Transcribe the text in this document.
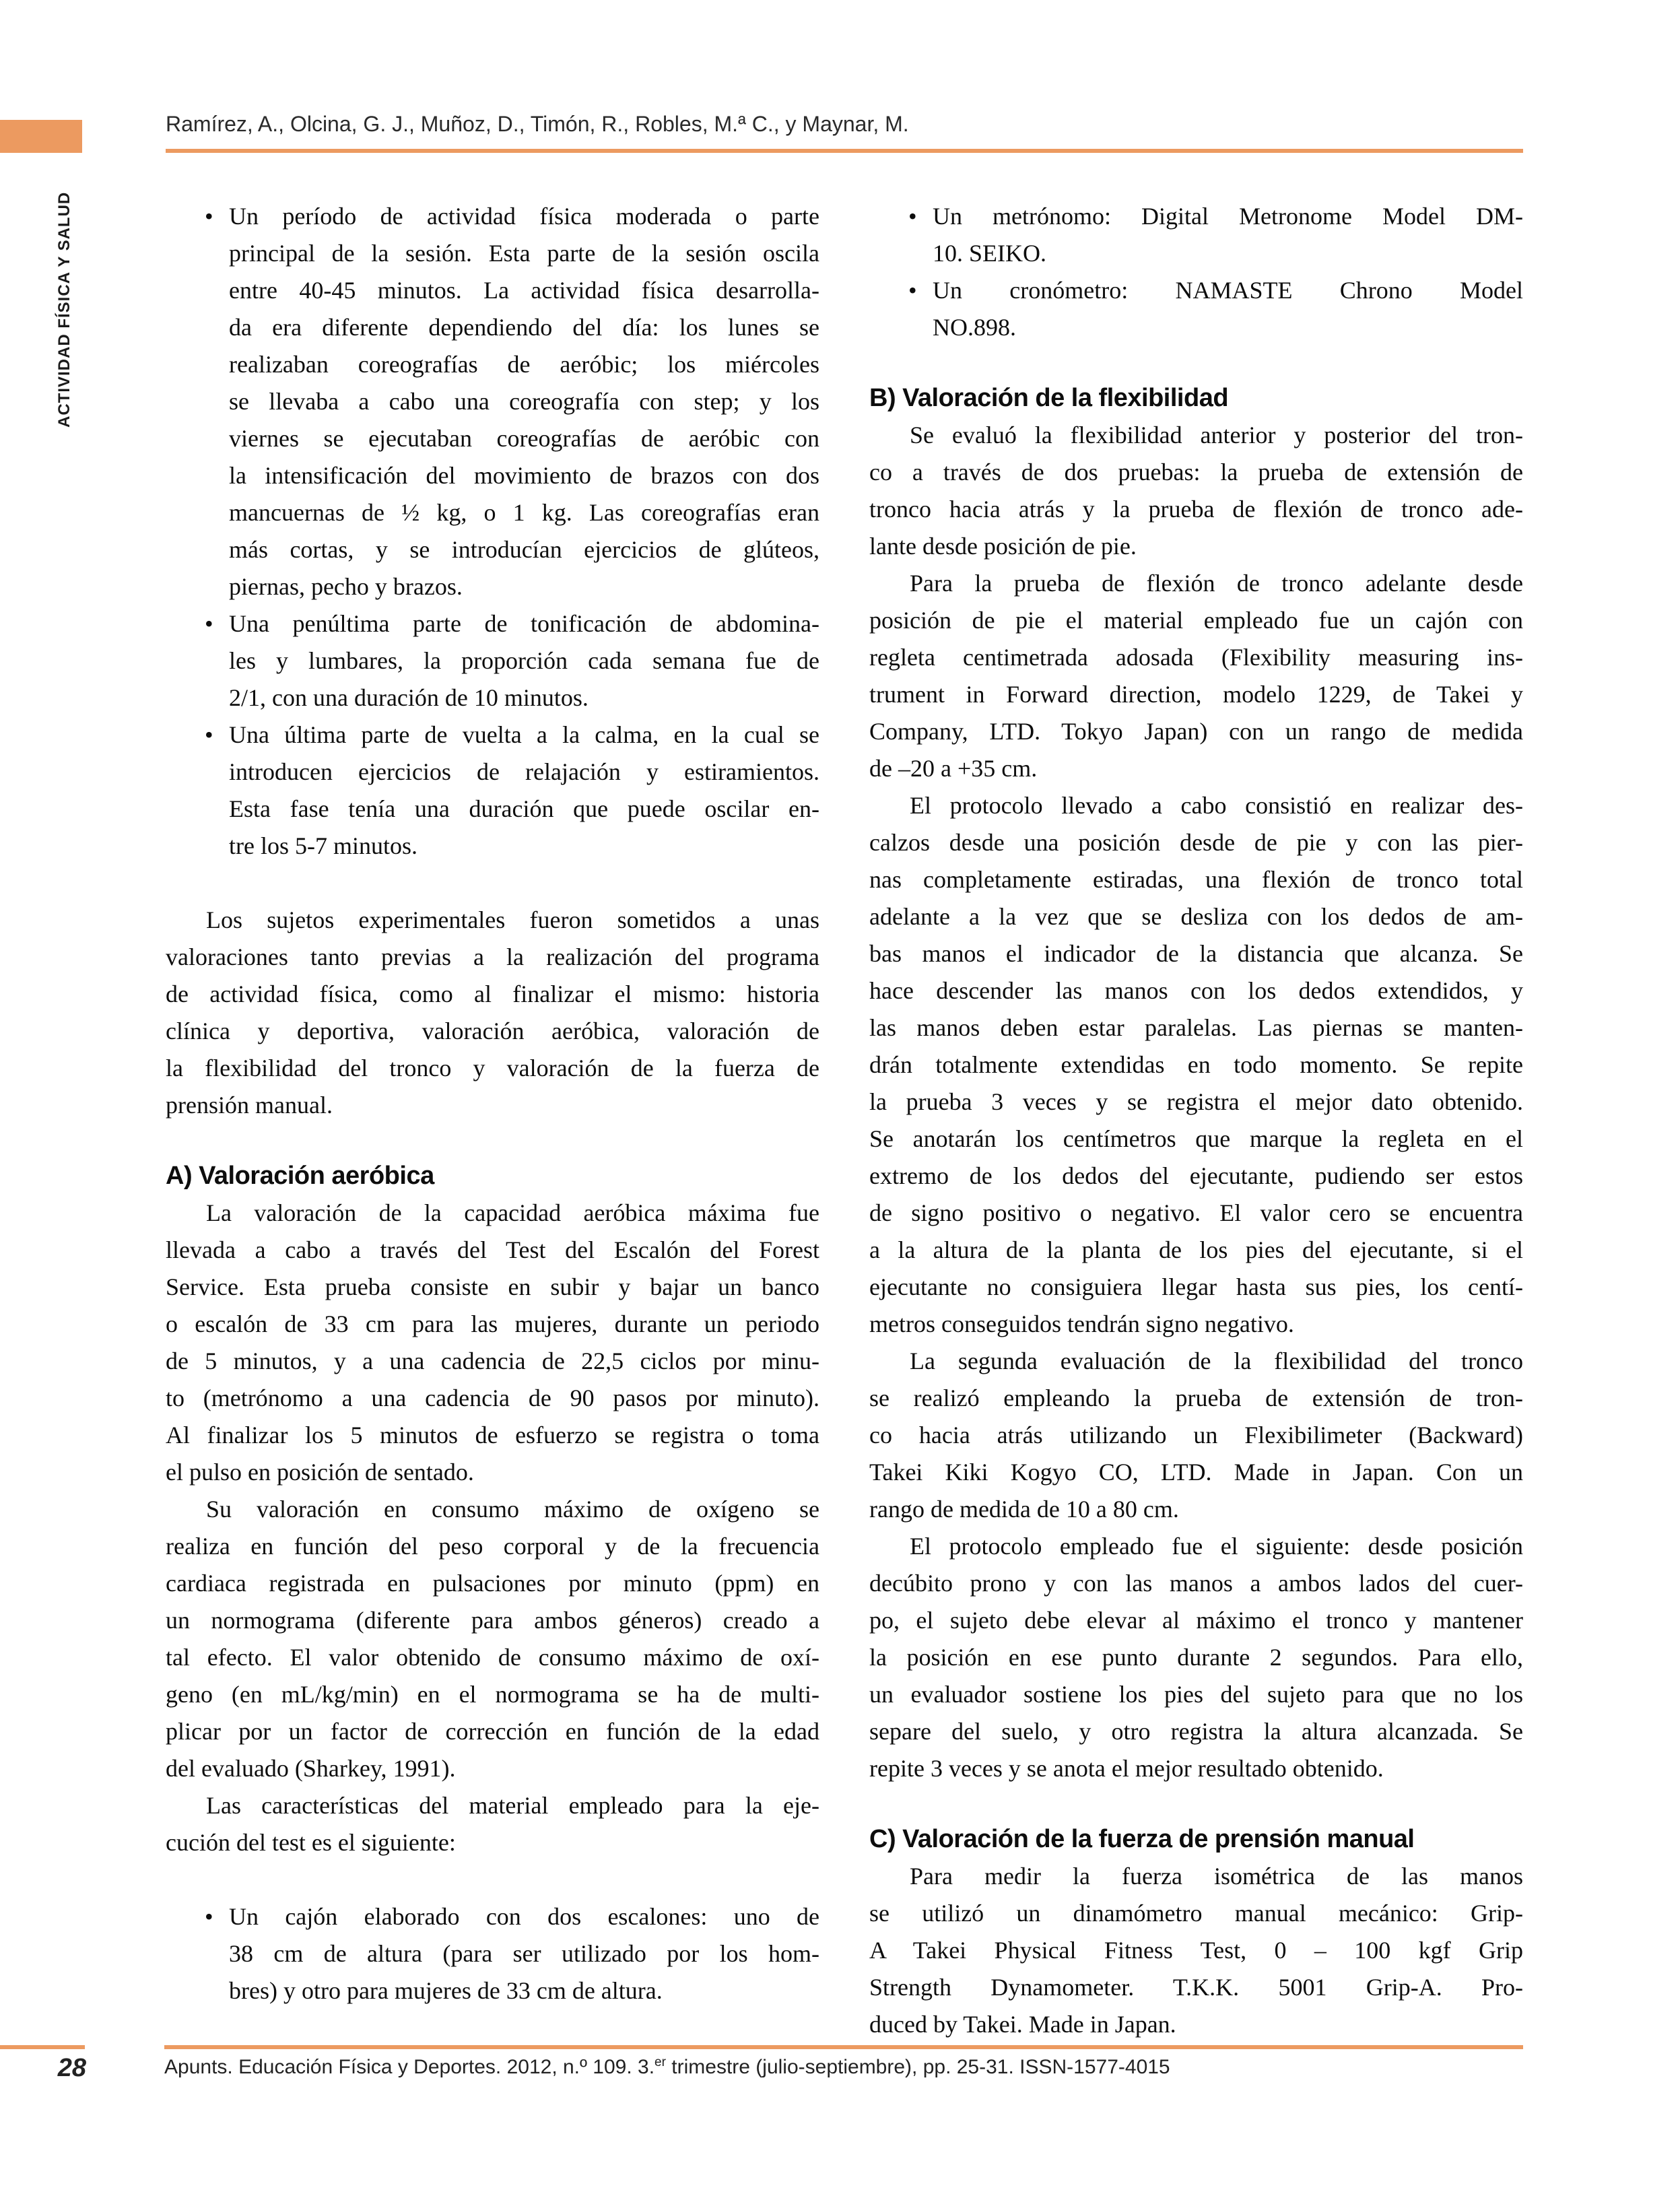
Ramírez, A., Olcina, G. J., Muñoz, D., Timón, R., Robles, M.ª C., y Maynar, M.
ACTIVIDAD FÍSICA Y SALUD	• Un período de actividad física moderada o parte
principal de la sesión. Esta parte de la sesión oscila
entre 40-45 minutos. La actividad física desarrolla-
da era diferente dependiendo del día: los lunes se
realizaban coreografías de aeróbic; los miércoles
se llevaba a cabo una coreografía con step; y los
viernes se ejecutaban coreografías de aeróbic con
la intensificación del movimiento de brazos con dos
mancuernas de ½ kg, o 1 kg. Las coreografías eran
más cortas, y se introducían ejercicios de glúteos,
piernas, pecho y brazos.
• Una penúltima parte de tonificación de abdomina-
les y lumbares, la proporción cada semana fue de
2/1, con una duración de 10 minutos.
• Una última parte de vuelta a la calma, en la cual se
introducen ejercicios de relajación y estiramientos.
Esta fase tenía una duración que puede oscilar en-
tre los 5-7 minutos.
Los sujetos experimentales fueron sometidos a unas
valoraciones tanto previas a la realización del programa
de actividad física, como al finalizar el mismo: historia
clínica y deportiva, valoración aeróbica, valoración de
la flexibilidad del tronco y valoración de la fuerza de
prensión manual.
A) Valoración aeróbica
La valoración de la capacidad aeróbica máxima fue
llevada a cabo a través del Test del Escalón del Forest
Service. Esta prueba consiste en subir y bajar un banco
o escalón de 33 cm para las mujeres, durante un periodo
de 5 minutos, y a una cadencia de 22,5 ciclos por minu-
to (metrónomo a una cadencia de 90 pasos por minuto).
Al finalizar los 5 minutos de esfuerzo se registra o toma
el pulso en posición de sentado.
Su valoración en consumo máximo de oxígeno se
realiza en función del peso corporal y de la frecuencia
cardiaca registrada en pulsaciones por minuto (ppm) en
un normograma (diferente para ambos géneros) creado a
tal efecto. El valor obtenido de consumo máximo de oxí-
geno (en mL/kg/min) en el normograma se ha de multi-
plicar por un factor de corrección en función de la edad
del evaluado (Sharkey, 1991).
Las características del material empleado para la eje-
cución del test es el siguiente:
• Un cajón elaborado con dos escalones: uno de
38 cm de altura (para ser utilizado por los hom-
bres) y otro para mujeres de 33 cm de altura.
• Un metrónomo: Digital Metronome Model DM-
10. SEIKO.
• Un cronómetro: NAMASTE Chrono Model
NO.898.
B) Valoración de la flexibilidad
Se evaluó la flexibilidad anterior y posterior del tron-
co a través de dos pruebas: la prueba de extensión de
tronco hacia atrás y la prueba de flexión de tronco ade-
lante desde posición de pie.
Para la prueba de flexión de tronco adelante desde
posición de pie el material empleado fue un cajón con
regleta centimetrada adosada (Flexibility measuring ins-
trument in Forward direction, modelo 1229, de Takei y
Company, LTD. Tokyo Japan) con un rango de medida
de –20 a +35 cm.
El protocolo llevado a cabo consistió en realizar des-
calzos desde una posición desde de pie y con las pier-
nas completamente estiradas, una flexión de tronco total
adelante a la vez que se desliza con los dedos de am-
bas manos el indicador de la distancia que alcanza. Se
hace descender las manos con los dedos extendidos, y
las manos deben estar paralelas. Las piernas se manten-
drán totalmente extendidas en todo momento. Se repite
la prueba 3 veces y se registra el mejor dato obtenido.
Se anotarán los centímetros que marque la regleta en el
extremo de los dedos del ejecutante, pudiendo ser estos
de signo positivo o negativo. El valor cero se encuentra
a la altura de la planta de los pies del ejecutante, si el
ejecutante no consiguiera llegar hasta sus pies, los centí-
metros conseguidos tendrán signo negativo.
La segunda evaluación de la flexibilidad del tronco
se realizó empleando la prueba de extensión de tron-
co hacia atrás utilizando un Flexibilimeter (Backward)
Takei Kiki Kogyo CO, LTD. Made in Japan. Con un
rango de medida de 10 a 80 cm.
El protocolo empleado fue el siguiente: desde posición
decúbito prono y con las manos a ambos lados del cuer-
po, el sujeto debe elevar al máximo el tronco y mantener
la posición en ese punto durante 2 segundos. Para ello,
un evaluador sostiene los pies del sujeto para que no los
separe del suelo, y otro registra la altura alcanzada. Se
repite 3 veces y se anota el mejor resultado obtenido.
C) Valoración de la fuerza de prensión manual
Para medir la fuerza isométrica de las manos
se utilizó un dinamómetro manual mecánico: Grip-
A Takei Physical Fitness Test, 0 – 100 kgf Grip
Strength Dynamometer. T.K.K. 5001 Grip-A. Pro-
duced by Takei. Made in Japan.
28	Apunts. Educación Física y Deportes. 2012, n.º 109. 3.$^{er}$ trimestre (julio-septiembre), pp. 25-31. ISSN-1577-4015
